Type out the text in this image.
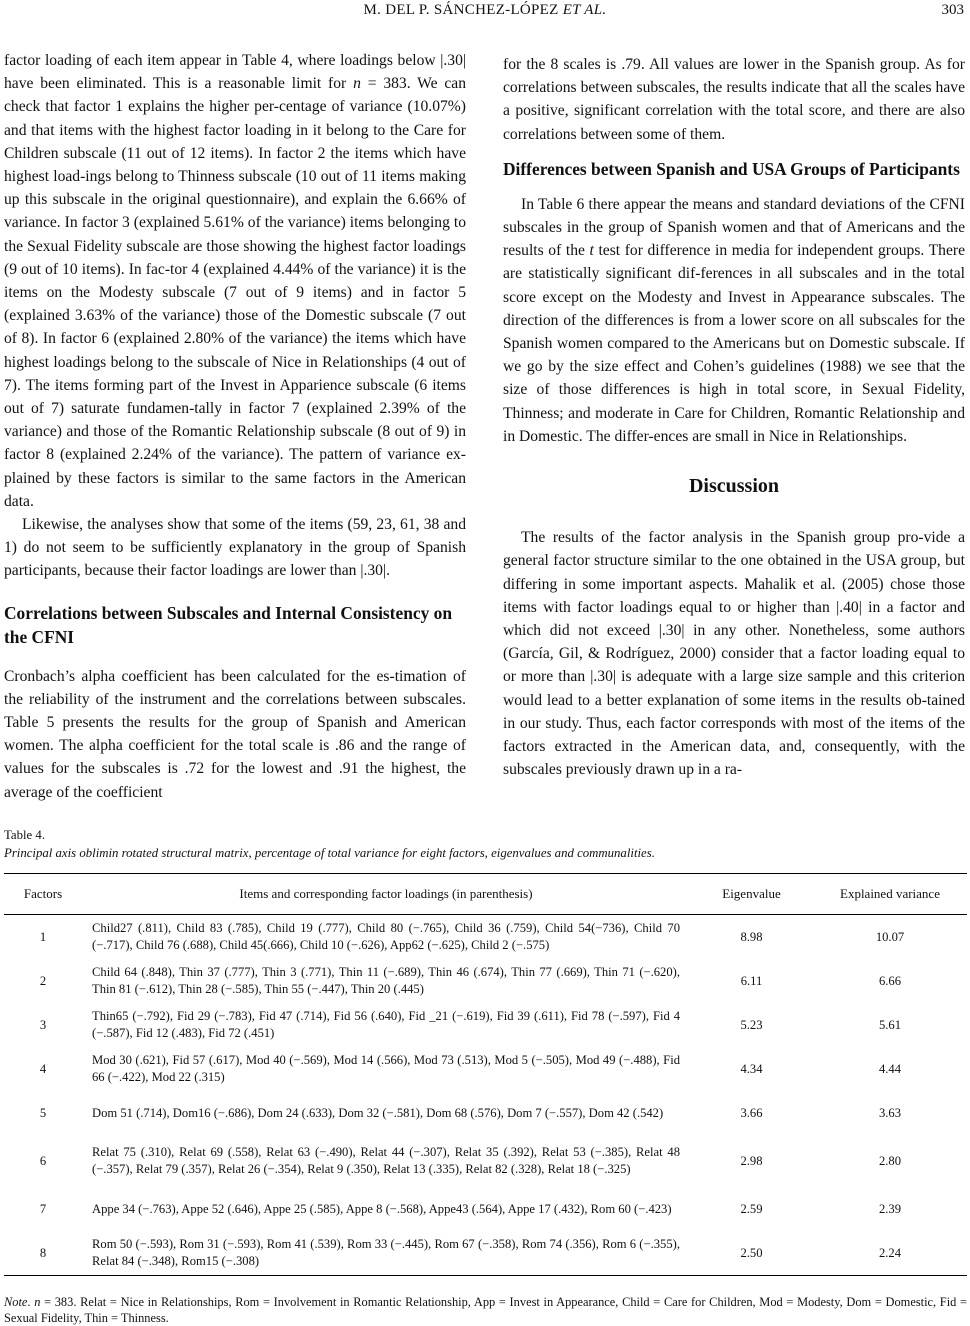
M. DEL P. SÁNCHEZ-LÓPEZ ET AL.	303

factor loading of each item appear in Table 4, where loadings below |.30| have been eliminated. This is a reasonable limit for n = 383. We can check that factor 1 explains the higher per-centage of variance (10.07%) and that items with the highest factor loading in it belong to the Care for Children subscale (11 out of 12 items). In factor 2 the items which have highest load-ings belong to Thinness subscale (10 out of 11 items making up this subscale in the original questionnaire), and explain the 6.66% of variance. In factor 3 (explained 5.61% of the variance) items belonging to the Sexual Fidelity subscale are those showing the highest factor loadings (9 out of 10 items). In fac-tor 4 (explained 4.44% of the variance) it is the items on the Modesty subscale (7 out of 9 items) and in factor 5 (explained 3.63% of the variance) those of the Domestic subscale (7 out of 8). In factor 6 (explained 2.80% of the variance) the items which have highest loadings belong to the subscale of Nice in Relationships (4 out of 7). The items forming part of the Invest in Apparience subscale (6 items out of 7) saturate fundamen-tally in factor 7 (explained 2.39% of the variance) and those of the Romantic Relationship subscale (8 out of 9) in factor 8 (explained 2.24% of the variance). The pattern of variance ex-plained by these factors is similar to the same factors in the American data.

Likewise, the analyses show that some of the items (59, 23, 61, 38 and 1) do not seem to be sufficiently explanatory in the group of Spanish participants, because their factor loadings are lower than |.30|.

Correlations between Subscales and Internal Consistency on the CFNI

Cronbach’s alpha coefficient has been calculated for the es-timation of the reliability of the instrument and the correlations between subscales. Table 5 presents the results for the group of Spanish and American women. The alpha coefficient for the total scale is .86 and the range of values for the subscales is .72 for the lowest and .91 the highest, the average of the coefficient

for the 8 scales is .79. All values are lower in the Spanish group. As for correlations between subscales, the results indicate that all the scales have a positive, significant correlation with the total score, and there are also correlations between some of them.

Differences between Spanish and USA Groups of Participants

In Table 6 there appear the means and standard deviations of the CFNI subscales in the group of Spanish women and that of Americans and the results of the t test for difference in media for independent groups. There are statistically significant dif-ferences in all subscales and in the total score except on the Modesty and Invest in Appearance subscales. The direction of the differences is from a lower score on all subscales for the Spanish women compared to the Americans but on Domestic subscale. If we go by the size effect and Cohen’s guidelines (1988) we see that the size of those differences is high in total score, in Sexual Fidelity, Thinness; and moderate in Care for Children, Romantic Relationship and in Domestic. The differ-ences are small in Nice in Relationships.

Discussion

The results of the factor analysis in the Spanish group pro-vide a general factor structure similar to the one obtained in the USA group, but differing in some important aspects. Mahalik et al. (2005) chose those items with factor loadings equal to or higher than |.40| in a factor and which did not exceed |.30| in any other. Nonetheless, some authors (García, Gil, & Rodríguez, 2000) consider that a factor loading equal to or more than |.30| is adequate with a large size sample and this criterion would lead to a better explanation of some items in the results ob-tained in our study. Thus, each factor corresponds with most of the items of the factors extracted in the American data, and, consequently, with the subscales previously drawn up in a ra-

Table 4.
Principal axis oblimin rotated structural matrix, percentage of total variance for eight factors, eigenvalues and communalities.
Factors	Items and corresponding factor loadings (in parenthesis)	Eigenvalue	Explained variance
1	Child27 (.811), Child 83 (.785), Child 19 (.777), Child 80 (−.765), Child 36 (.759), Child 54(−736), Child 70 (−.717), Child 76 (.688), Child 45(.666), Child 10 (−.626), App62 (−.625), Child 2 (−.575)	8.98	10.07
2	Child 64 (.848), Thin 37 (.777), Thin 3 (.771), Thin 11 (−.689), Thin 46 (.674), Thin 77 (.669), Thin 71 (−.620), Thin 81 (−.612), Thin 28 (−.585), Thin 55 (−.447), Thin 20 (.445)	6.11	6.66
3	Thin65 (−.792), Fid 29 (−.783), Fid 47 (.714), Fid 56 (.640), Fid _21 (−.619), Fid 39 (.611), Fid 78 (−.597), Fid 4 (−.587), Fid 12 (.483), Fid 72 (.451)	5.23	5.61
4	Mod 30 (.621), Fid 57 (.617), Mod 40 (−.569), Mod 14 (.566), Mod 73 (.513), Mod 5 (−.505), Mod 49 (−.488), Fid 66 (−.422), Mod 22 (.315)	4.34	4.44
5	Dom 51 (.714), Dom16 (−.686), Dom 24 (.633), Dom 32 (−.581), Dom 68 (.576), Dom 7 (−.557), Dom 42 (.542)	3.66	3.63
6	Relat 75 (.310), Relat 69 (.558), Relat 63 (−.490), Relat 44 (−.307), Relat 35 (.392), Relat 53 (−.385), Relat 48 (−.357), Relat 79 (.357), Relat 26 (−.354), Relat 9 (.350), Relat 13 (.335), Relat 82 (.328), Relat 18 (−.325)	2.98	2.80
7	Appe 34 (−.763), Appe 52 (.646), Appe 25 (.585), Appe 8 (−.568), Appe43 (.564), Appe 17 (.432), Rom 60 (−.423)	2.59	2.39
8	Rom 50 (−.593), Rom 31 (−.593), Rom 41 (.539), Rom 33 (−.445), Rom 67 (−.358), Rom 74 (.356), Rom 6 (−.355), Relat 84 (−.348), Rom15 (−.308)	2.50	2.24
Note. n = 383. Relat = Nice in Relationships, Rom = Involvement in Romantic Relationship, App = Invest in Appearance, Child = Care for Children, Mod = Modesty, Dom = Domestic, Fid = Sexual Fidelity, Thin = Thinness.
